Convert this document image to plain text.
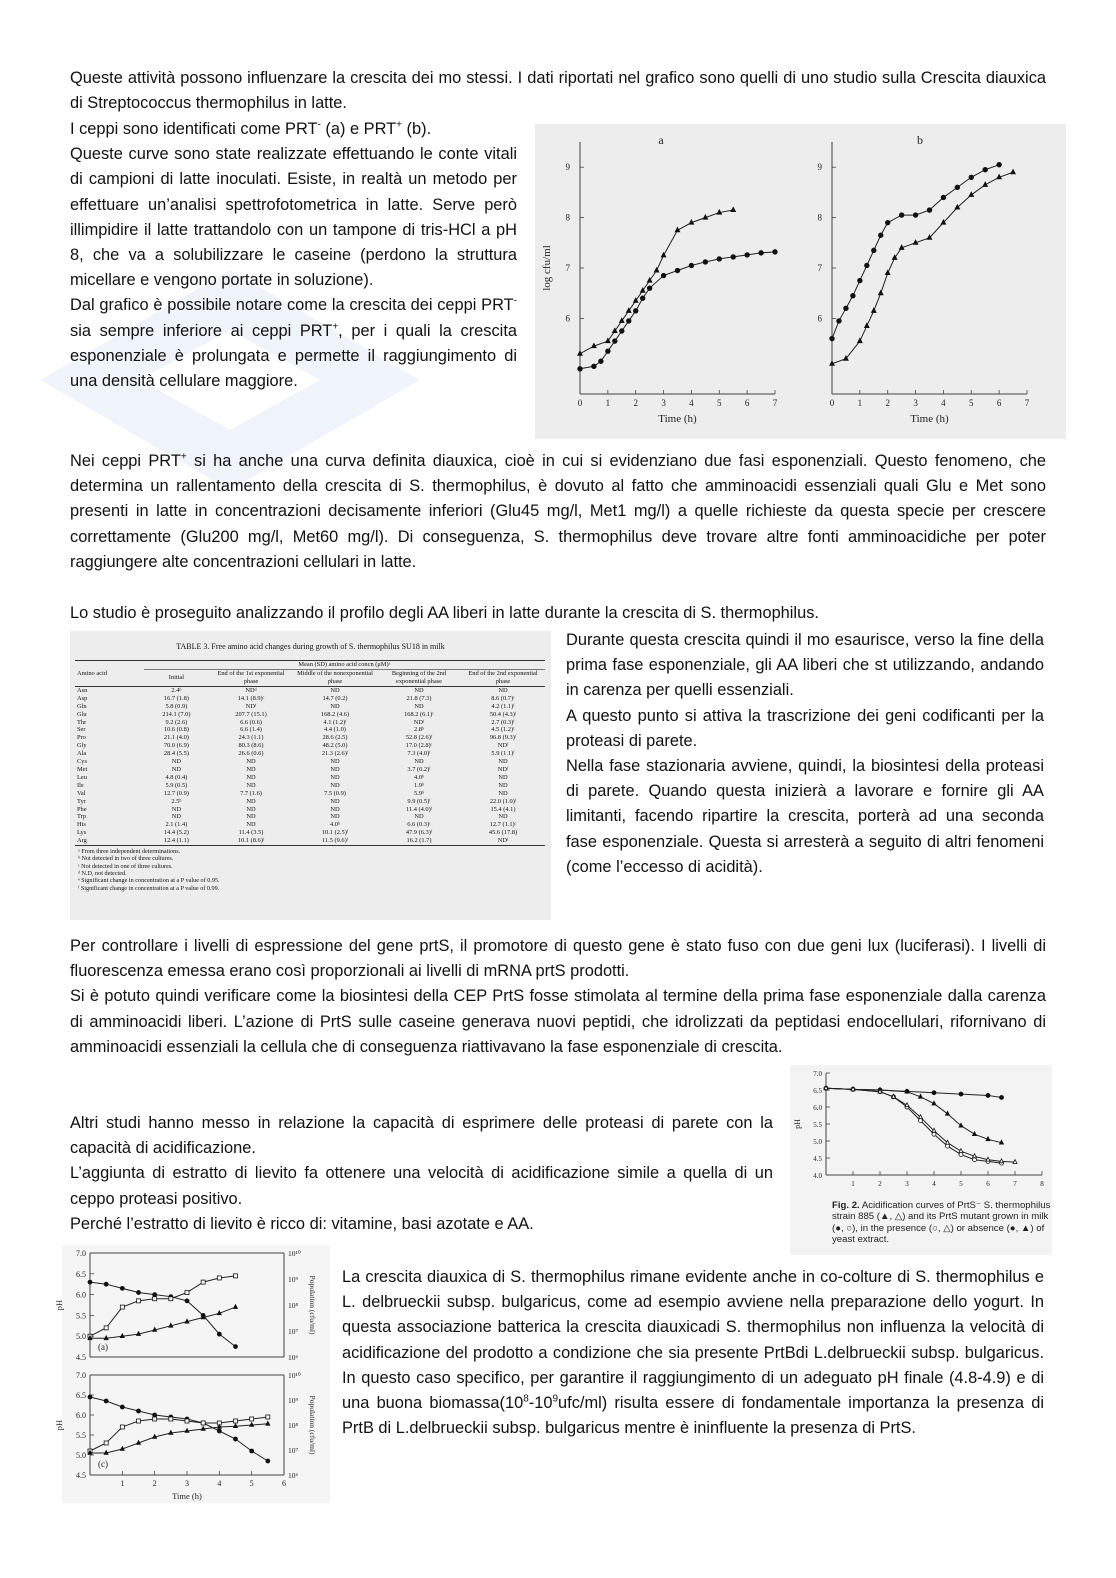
Queste attività possono influenzare la crescita dei mo stessi. I dati riportati nel grafico sono quelli di uno studio sulla Crescita diauxica di Streptococcus thermophilus in latte.

I ceppi sono identificati come PRT- (a) e PRT+ (b).

Queste curve sono state realizzate effettuando le conte vitali di campioni di latte inoculati. Esiste, in realtà un metodo per effettuare un’analisi spettrofotometrica in latte. Serve però illimpidire il latte trattandolo con un tampone di tris-HCl a pH 8, che va a solubilizzare le caseine (perdono la struttura micellare e vengono portate in soluzione).

Dal grafico è possibile notare come la crescita dei ceppi PRT- sia sempre inferiore ai ceppi PRT+, per i quali la crescita esponenziale è prolungata e permette il raggiungimento di una densità cellulare maggiore.

0	1	2	3	4	5	6	7
6
7
8
9
a
Time (h)
log cfu/ml
0	1	2	3	4	5	6	7
6
7
8
9
b
Time (h)

Nei ceppi PRT+ si ha anche una curva definita diauxica, cioè in cui si evidenziano due fasi esponenziali. Questo fenomeno, che determina un rallentamento della crescita di S. thermophilus, è dovuto al fatto che amminoacidi essenziali quali Glu e Met sono presenti in latte in concentrazioni decisamente inferiori (Glu45 mg/l, Met1 mg/l) a quelle richieste da questa specie per crescere correttamente (Glu200 mg/l, Met60 mg/l). Di conseguenza, S. thermophilus deve trovare altre fonti amminoacidiche per poter raggiungere alte concentrazioni cellulari in latte.

Lo studio è proseguito analizzando il profilo degli AA liberi in latte durante la crescita di S. thermophilus.

TABLE 3. Free amino acid changes during growth of S. thermophilus SU18 in milk
Amino acid	Mean (SD) amino acid concn (μM)ᵃ				
	Initial	End of the 1st exponential phase	Middle of the nonexponential phase	Beginning of the 2nd exponential phase	End of the 2nd exponential phase
Asn	2.4ᵇ	NDᵈ	ND	ND	ND
Asp	16.7 (1.8)	14.1 (8.9)ᶜ	14.7 (0.2)	21.8 (7.3)	8.6 (0.7)ᶜ
Gln	5.8 (0.9)	NDᶠ	ND	ND	4.2 (1.1)ᶠ
Glu	214.1 (7.0)	207.7 (15.1)	168.2 (4.6)	168.2 (6.1)ᶜ	50.4 (4.3)ᶠ
Thr	9.2 (2.6)	6.6 (0.6)	4.1 (1.2)ᶠ	NDᶠ	2.7 (0.3)ᶠ
Ser	10.6 (0.8)	6.6 (1.4)	4.4 (1.0)	2.8ᵇ	4.5 (1.2)ᶜ
Pro	21.1 (4.0)	24.3 (1.1)	28.6 (2.5)	52.8 (2.6)ᶠ	96.8 (9.3)ᶠ
Gly	70.0 (6.9)	80.3 (8.6)	48.2 (5.0)	17.0 (2.8)ᶜ	NDᶠ
Ala	28.4 (5.5)	26.6 (0.6)	21.3 (2.6)ᶠ	7.3 (4.0)ᶠ	5.9 (1.1)ᶠ
Cys	ND	ND	ND	ND	ND
Met	ND	ND	ND	3.7 (0.2)ᶠ	NDᶠ
Leu	4.8 (0.4)	ND	ND	4.0ᵇ	ND
Ile	5.9 (0.5)	ND	ND	1.9ᵇ	ND
Val	12.7 (0.9)	7.7 (1.6)	7.5 (0.9)	5.9ᵇ	ND
Tyr	2.5ᵇ	ND	ND	9.9 (0.5)ᶠ	22.0 (1.0)ᶠ
Phe	ND	ND	ND	11.4 (4.0)ᶠ	15.4 (4.1)
Trp	ND	ND	ND	ND	ND
His	2.1 (1.4)	ND	4.0ᵇ	6.6 (0.3)ᶜ	12.7 (1.1)ᶜ
Lys	14.4 (5.2)	11.4 (3.5)	10.1 (2.5)ᶠ	47.9 (6.3)ᶠ	45.6 (17.8)
Arg	12.4 (1.1)	10.1 (8.6)ᶠ	11.5 (9.6)ᶠ	16.2 (1.7)	NDᶠ
ᵃ From three independent determinations.
ᵇ Not detected in two of three cultures.
ᶜ Not detected in one of three cultures.
ᵈ N.D, not detected.
ᵉ Significant change in concentration at a P value of 0.95.
ᶠ Significant change in concentration at a P value of 0.99.

Durante questa crescita quindi il mo esaurisce, verso la fine della prima fase esponenziale, gli AA liberi che st utilizzando, andando in carenza per quelli essenziali.

A questo punto si attiva la trascrizione dei geni codificanti per la proteasi di parete.

Nella fase stazionaria avviene, quindi, la biosintesi della proteasi di parete. Quando questa inizierà a lavorare e fornire gli AA limitanti, facendo ripartire la crescita, porterà ad una seconda fase esponenziale. Questa si arresterà a seguito di altri fenomeni (come l’eccesso di acidità).

Per controllare i livelli di espressione del gene prtS, il promotore di questo gene è stato fuso con due geni lux (luciferasi). I livelli di fluorescenza emessa erano così proporzionali ai livelli di mRNA prtS prodotti.

Si è potuto quindi verificare come la biosintesi della CEP PrtS fosse stimolata al termine della prima fase esponenziale dalla carenza di amminoacidi liberi. L’azione di PrtS sulle caseine generava nuovi peptidi, che idrolizzati da peptidasi endocellulari, rifornivano di amminoacidi essenziali la cellula che di conseguenza riattivavano la fase esponenziale di crescita.

Altri studi hanno messo in relazione la capacità di esprimere delle proteasi di parete con la capacità di acidificazione.

L’aggiunta di estratto di lievito fa ottenere una velocità di acidificazione simile a quella di un ceppo proteasi positivo.

Perché l’estratto di lievito è ricco di: vitamine, basi azotate e AA.

1	2	3	4	5	6	7	8
4.0
4.5
5.0
5.5
6.0
6.5
7.0
pH
Fig. 2. Acidification curves of PrtS⁻ S. thermophilus strain 885 (▲, △) and its PrtS mutant grown in milk (●, ○), in the presence (○, △) or absence (●, ▲) of yeast extract.
4.5
5.0
5.5
6.0
6.5
7.0
10⁶
10⁷
10⁸
10⁹
10¹⁰
(a)
pH	Population (cfu/ml)
1	2	3	4	5	6
4.5
5.0
5.5
6.0
6.5
7.0
10⁶
10⁷
10⁸
10⁹
10¹⁰
(c)
Time (h)
pH	Population (cfu/ml)

La crescita diauxica di S. thermophilus rimane evidente anche in co-colture di S. thermophilus e L. delbrueckii subsp. bulgaricus, come ad esempio avviene nella preparazione dello yogurt. In questa associazione batterica la crescita diauxicadi S. thermophilus non influenza la velocità di acidificazione del prodotto a condizione che sia presente PrtBdi L.delbrueckii subsp. bulgaricus. In questo caso specifico, per garantire il raggiungimento di un adeguato pH finale (4.8-4.9) e di una buona $biomassa(10^8-10^9ufc/ml)$ risulta essere di fondamentale importanza la presenza di PrtB di L.delbrueckii subsp. bulgaricus mentre è ininfluente la presenza di PrtS.
